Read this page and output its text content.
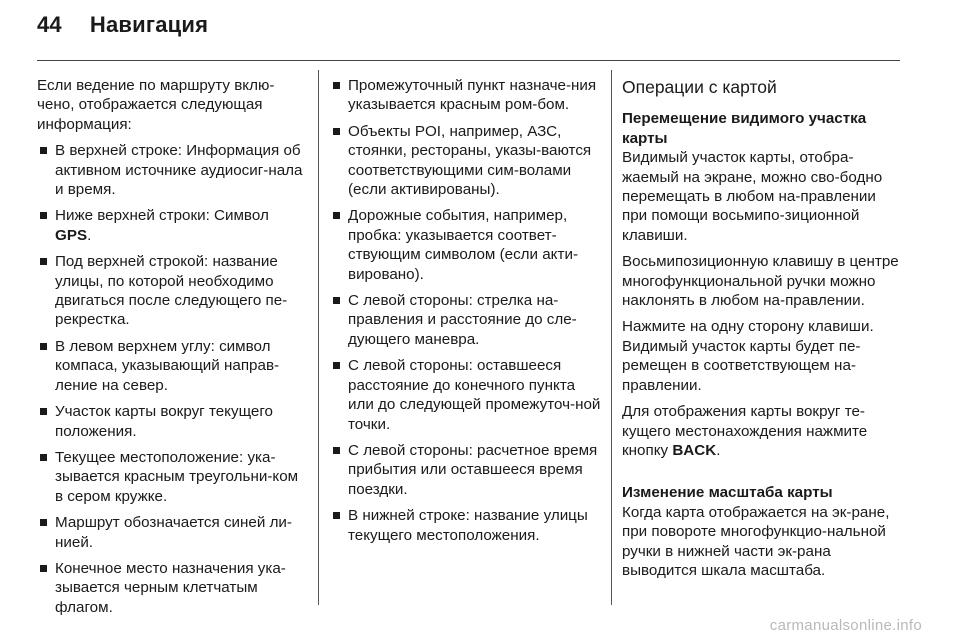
44 Навигация

Если ведение по маршруту вклю-чено, отображается следующая информация:

В верхней строке: Информация об активном источнике аудиосиг-нала и время.
Ниже верхней строки: Символ GPS.
Под верхней строкой: название улицы, по которой необходимо двигаться после следующего пе-рекрестка.
В левом верхнем углу: символ компаса, указывающий направ-ление на север.
Участок карты вокруг текущего положения.
Текущее местоположение: ука-зывается красным треугольни-ком в сером кружке.
Маршрут обозначается синей ли-нией.
Конечное место назначения ука-зывается черным клетчатым флагом.
Промежуточный пункт назначе-ния указывается красным ром-бом.
Объекты POI, например, АЗС, стоянки, рестораны, указы-ваются соответствующими сим-волами (если активированы).
Дорожные события, например, пробка: указывается соответ-ствующим символом (если акти-вировано).
С левой стороны: стрелка на-правления и расстояние до сле-дующего маневра.
С левой стороны: оставшееся расстояние до конечного пункта или до следующей промежуточ-ной точки.
С левой стороны: расчетное время прибытия или оставшееся время поездки.
В нижней строке: название улицы текущего местоположения.
Операции с картой
Перемещение видимого участка карты

Видимый участок карты, отобра-жаемый на экране, можно сво-бодно перемещать в любом на-правлении при помощи восьмипо-зиционной клавиши.

Восьмипозиционную клавишу в центре многофункциональной ручки можно наклонять в любом на-правлении.

Нажмите на одну сторону клавиши. Видимый участок карты будет пе-ремещен в соответствующем на-правлении.

Для отображения карты вокруг те-кущего местонахождения нажмите кнопку BACK.

Изменение масштаба карты

Когда карта отображается на эк-ране, при повороте многофункцио-нальной ручки в нижней части эк-рана выводится шкала масштаба.

carmanualsonline.info
